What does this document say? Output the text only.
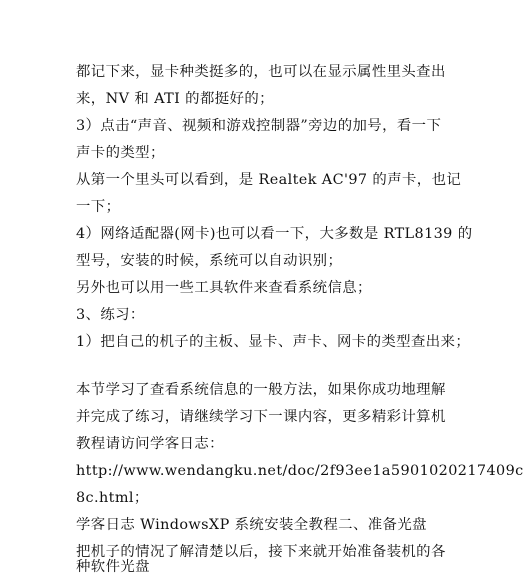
都记下来，显卡种类挺多的，也可以在显示属性里头查出
来，NV 和 ATI 的都挺好的；
3）点击“声音、视频和游戏控制器”旁边的加号，看一下
声卡的类型；
从第一个里头可以看到，是 Realtek AC'97 的声卡，也记
一下；
4）网络适配器(网卡)也可以看一下，大多数是 RTL8139 的
型号，安装的时候，系统可以自动识别；
另外也可以用一些工具软件来查看系统信息；
3、练习：
1）把自己的机子的主板、显卡、声卡、网卡的类型查出来；
本节学习了查看系统信息的一般方法，如果你成功地理解
并完成了练习，请继续学习下一课内容，更多精彩计算机
教程请访问学客日志：
http://www.wendangku.net/doc/2f93ee1a5901020217409c
8c.html；
学客日志 WindowsXP 系统安装全教程二、准备光盘
把机子的情况了解清楚以后，接下来就开始准备装机的各
种软件光盘
